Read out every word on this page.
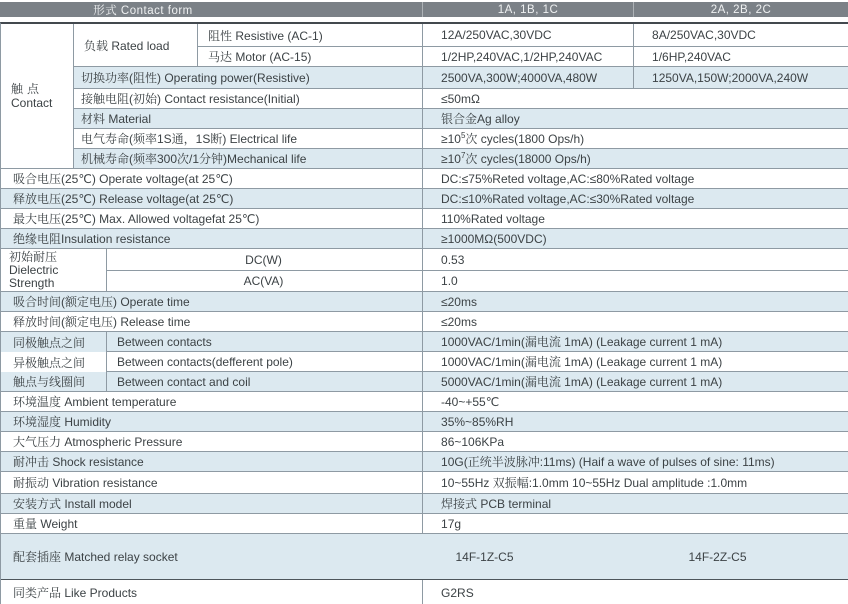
形式 Contact form	1A, 1B, 1C	2A, 2B, 2C
触点
Contact	负载 Rated load		阻性 Resistive (AC-1)	12A/250VAC,30VDC	8A/250VAC,30VDC
			马达 Motor (AC-15)	1/2HP,240VAC,1/2HP,240VAC	1/6HP,240VAC
	切换功率(阻性) Operating power(Resistive)			2500VA,300W;4000VA,480W	1250VA,150W;2000VA,240W
	接触电阻(初始) Contact resistance(Initial)			≤50mΩ	
	材料 Material			银合金Ag alloy	
	电气寿命(频率1S通，1S断) Electrical life			$\ge 10^5$次 cycles(1800 Ops/h)	
	机械寿命(频率300次/1分钟)Mechanical life			$\ge 10^7$次 cycles(18000 Ops/h)	
吸合电压(25℃) Operate voltage(at 25℃)				DC:≤75%Reted voltage,AC:≤80%Rated voltage	
释放电压(25℃) Release voltage(at 25℃)				DC:≤10%Rated voltage,AC:≤30%Rated voltage	
最大电压(25℃) Max. Allowed voltagefat 25℃)				110%Rated voltage	
绝缘电阻Insulation resistance				≥1000MΩ(500VDC)	

初始耐压
Dielectric
Strength		DC(W)		0.53	
		AC(VA)		1.0	
吸合时间(额定电压) Operate time				≤20ms	
释放时间(额定电压) Release time				≤20ms	
同极触点之间		Between contacts		1000VAC/1min(漏电流 1mA) (Leakage current 1 mA)	
异极触点之间		Between contacts(defferent pole)		1000VAC/1min(漏电流 1mA) (Leakage current 1 mA)	
触点与线圈间		Between contact and coil		5000VAC/1min(漏电流 1mA) (Leakage current 1 mA)	
环境温度 Ambient temperature				-40~+55℃	
环境湿度 Humidity				35%~85%RH	
大气压力 Atmospheric Pressure				86~106KPa	
耐冲击 Shock resistance				10G(正统半波脉冲:11ms) (Haif a wave of pulses of sine: 11ms)	
耐振动 Vibration resistance				10~55Hz 双振幅:1.0mm 10~55Hz Dual amplitude :1.0mm	
安装方式 Install model				焊接式 PCB terminal	
重量 Weight				17g	
配套插座 Matched relay socket				14F-1Z-C5	14F-2Z-C5
同类产品 Like Products				G2RS	
